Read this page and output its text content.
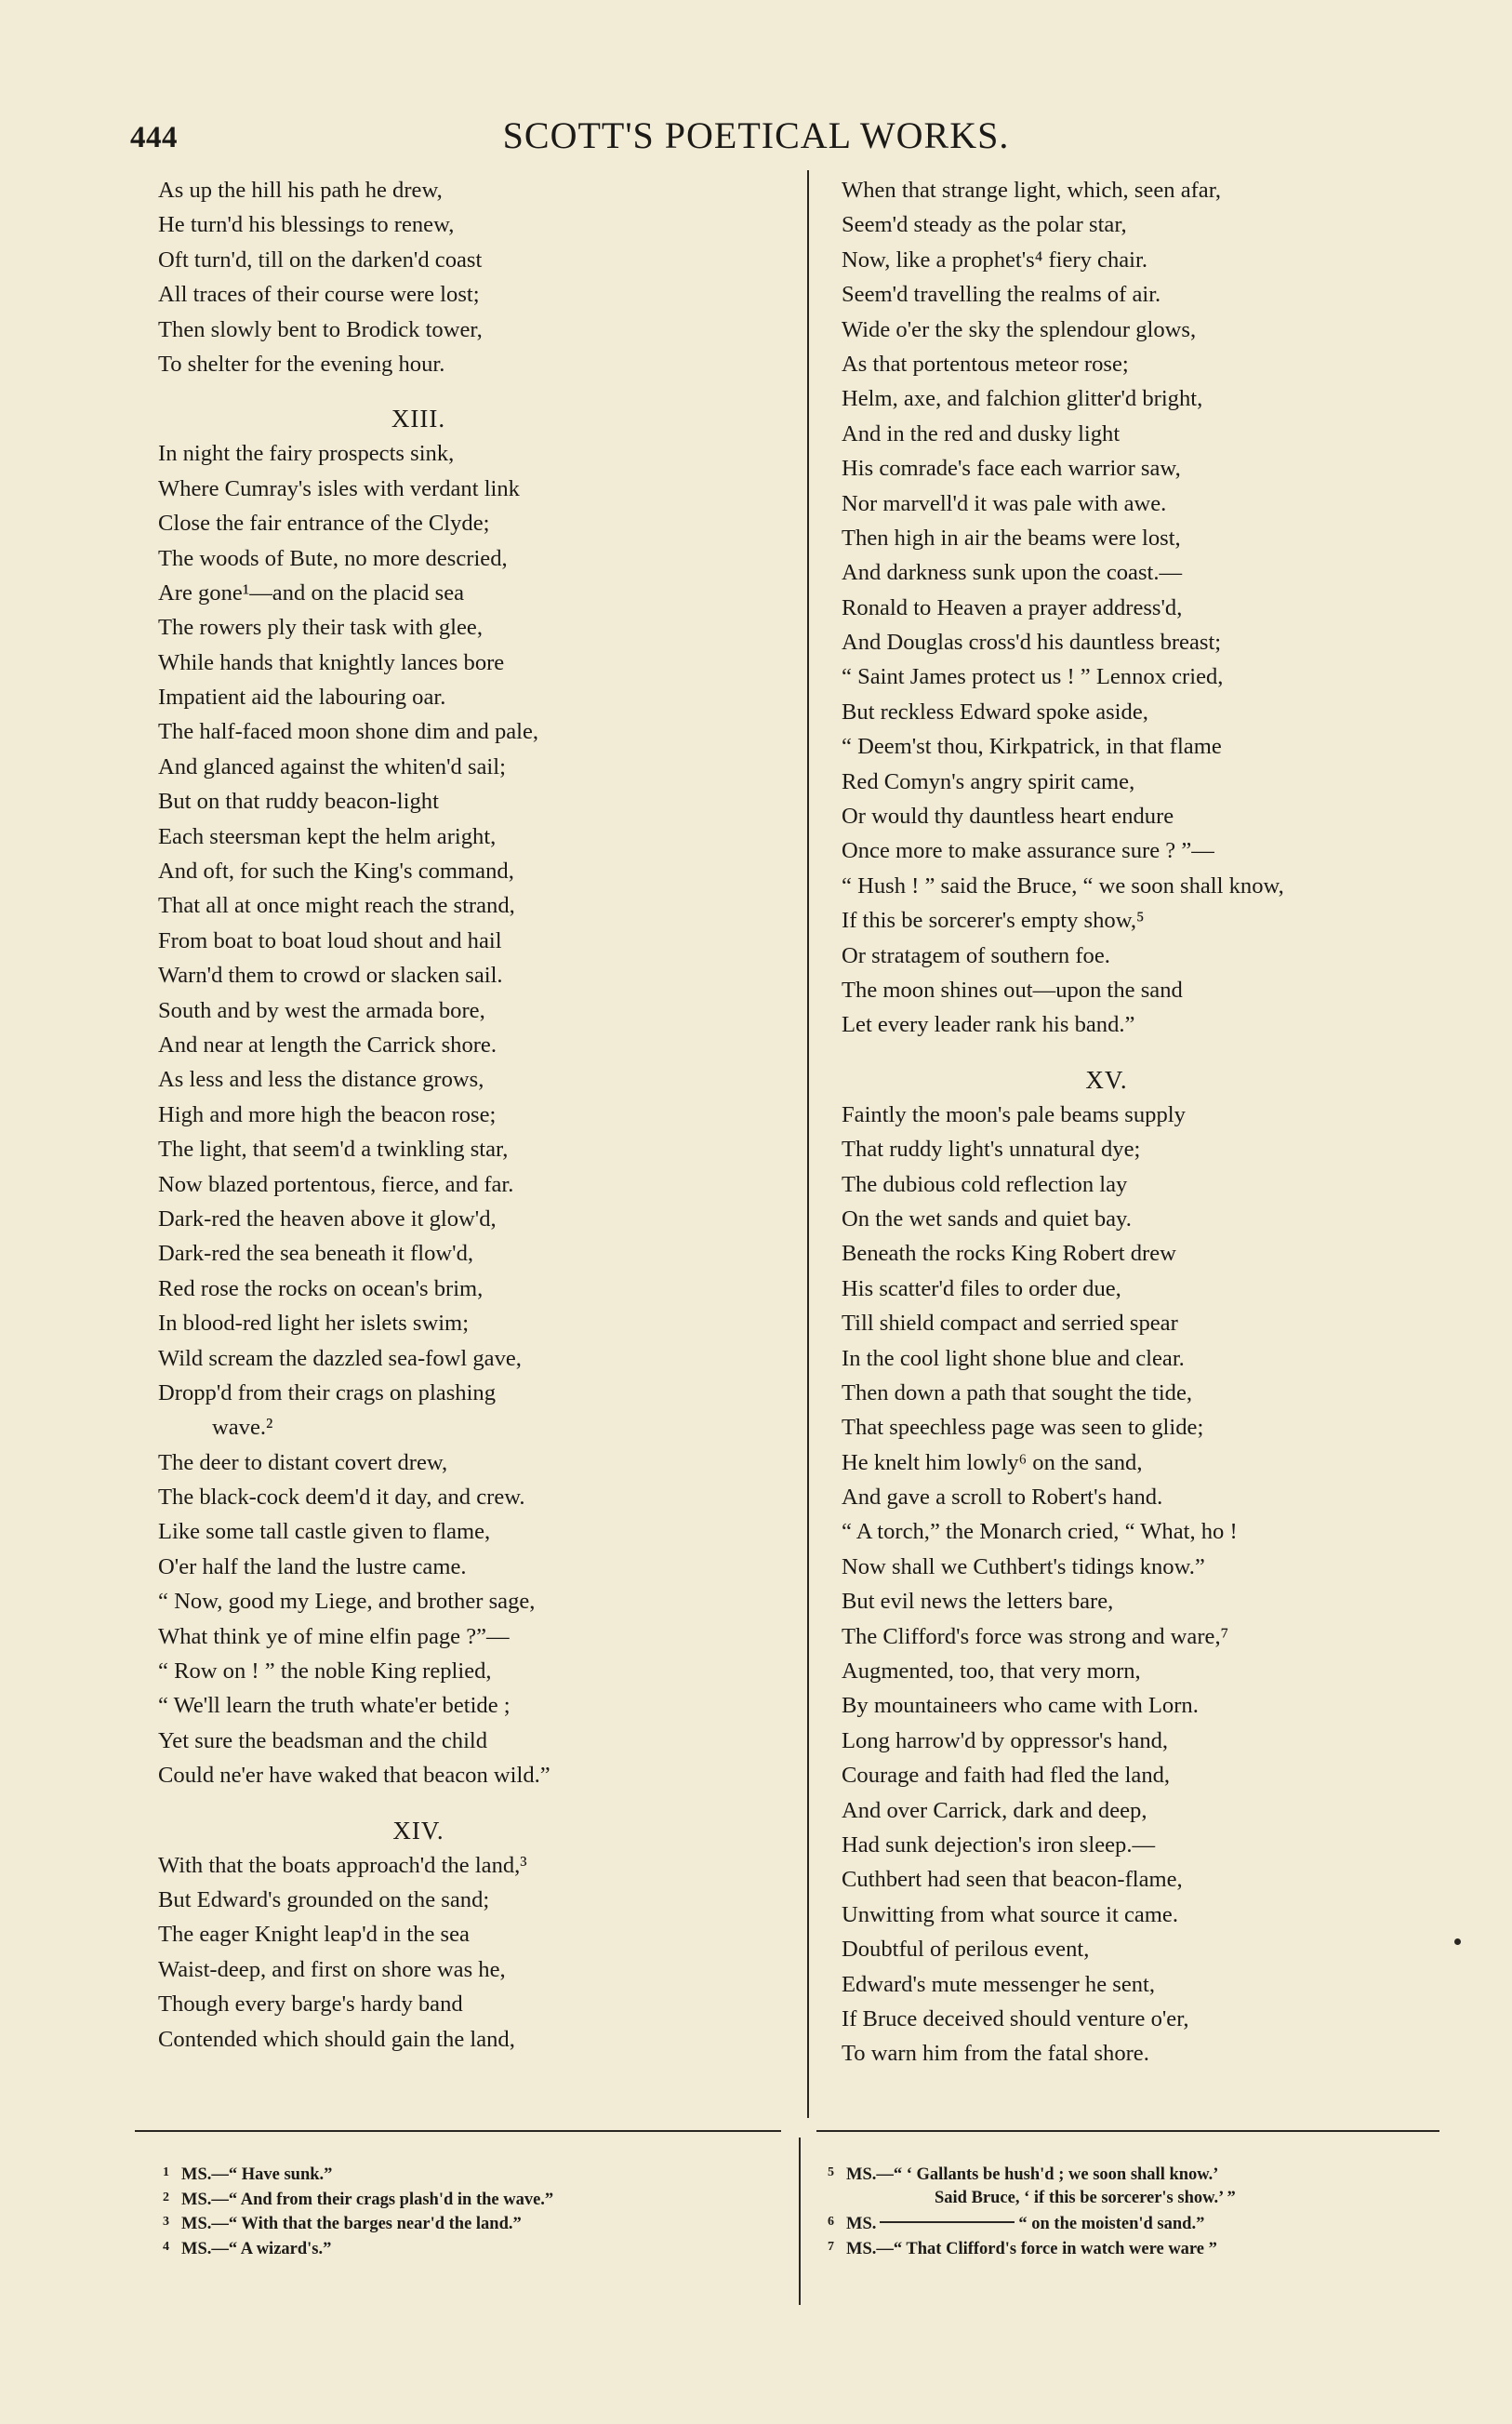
444	SCOTT'S POETICAL WORKS.
As up the hill his path he drew,
He turn'd his blessings to renew,
Oft turn'd, till on the darken'd coast
All traces of their course were lost;
Then slowly bent to Brodick tower,
To shelter for the evening hour.
XIII.
In night the fairy prospects sink,
Where Cumray's isles with verdant link
Close the fair entrance of the Clyde;
The woods of Bute, no more descried,
Are gone¹—and on the placid sea
The rowers ply their task with glee,
While hands that knightly lances bore
Impatient aid the labouring oar.
The half-faced moon shone dim and pale,
And glanced against the whiten'd sail;
But on that ruddy beacon-light
Each steersman kept the helm aright,
And oft, for such the King's command,
That all at once might reach the strand,
From boat to boat loud shout and hail
Warn'd them to crowd or slacken sail.
South and by west the armada bore,
And near at length the Carrick shore.
As less and less the distance grows,
High and more high the beacon rose;
The light, that seem'd a twinkling star,
Now blazed portentous, fierce, and far.
Dark-red the heaven above it glow'd,
Dark-red the sea beneath it flow'd,
Red rose the rocks on ocean's brim,
In blood-red light her islets swim;
Wild scream the dazzled sea-fowl gave,
Dropp'd from their crags on plashing
wave.²
The deer to distant covert drew,
The black-cock deem'd it day, and crew.
Like some tall castle given to flame,
O'er half the land the lustre came.
“ Now, good my Liege, and brother sage,
What think ye of mine elfin page ?”—
“ Row on ! ” the noble King replied,
“ We'll learn the truth whate'er betide ;
Yet sure the beadsman and the child
Could ne'er have waked that beacon wild.”
XIV.
With that the boats approach'd the land,³
But Edward's grounded on the sand;
The eager Knight leap'd in the sea
Waist-deep, and first on shore was he,
Though every barge's hardy band
Contended which should gain the land,
When that strange light, which, seen afar,
Seem'd steady as the polar star,
Now, like a prophet's⁴ fiery chair.
Seem'd travelling the realms of air.
Wide o'er the sky the splendour glows,
As that portentous meteor rose;
Helm, axe, and falchion glitter'd bright,
And in the red and dusky light
His comrade's face each warrior saw,
Nor marvell'd it was pale with awe.
Then high in air the beams were lost,
And darkness sunk upon the coast.—
Ronald to Heaven a prayer address'd,
And Douglas cross'd his dauntless breast;
“ Saint James protect us ! ” Lennox cried,
But reckless Edward spoke aside,
“ Deem'st thou, Kirkpatrick, in that flame
Red Comyn's angry spirit came,
Or would thy dauntless heart endure
Once more to make assurance sure ? ”—
“ Hush ! ” said the Bruce, “ we soon shall know,
If this be sorcerer's empty show,⁵
Or stratagem of southern foe.
The moon shines out—upon the sand
Let every leader rank his band.”
XV.
Faintly the moon's pale beams supply
That ruddy light's unnatural dye;
The dubious cold reflection lay
On the wet sands and quiet bay.
Beneath the rocks King Robert drew
His scatter'd files to order due,
Till shield compact and serried spear
In the cool light shone blue and clear.
Then down a path that sought the tide,
That speechless page was seen to glide;
He knelt him lowly⁶ on the sand,
And gave a scroll to Robert's hand.
“ A torch,” the Monarch cried, “ What, ho !
Now shall we Cuthbert's tidings know.”
But evil news the letters bare,
The Clifford's force was strong and ware,⁷
Augmented, too, that very morn,
By mountaineers who came with Lorn.
Long harrow'd by oppressor's hand,
Courage and faith had fled the land,
And over Carrick, dark and deep,
Had sunk dejection's iron sleep.—
Cuthbert had seen that beacon-flame,
Unwitting from what source it came.
Doubtful of perilous event,
Edward's mute messenger he sent,
If Bruce deceived should venture o'er,
To warn him from the fatal shore.
1 MS.—“ Have sunk.”
2 MS.—“ And from their crags plash'd in the wave.”
3 MS.—“ With that the barges near'd the land.”
4 MS.—“ A wizard's.”
5 MS.—“ ‘ Gallants be hush'd ; we soon shall know.’
Said Bruce, ‘ if this be sorcerer's show.’ ”
6 MS.	“ on the moisten'd sand.”
7 MS.—“ That Clifford's force in watch were ware ”
